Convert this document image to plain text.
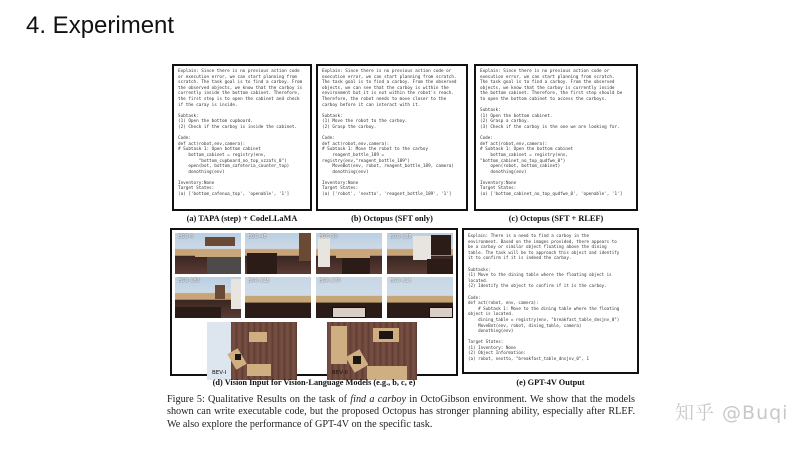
4. Experiment
Explain: Since there is no previous action code
or execution error, we can start planning from
scratch. The task goal is to find a carboy. From
the observed objects, we know that the carboy is
currently inside the bottom cabinet. Therefore,
the first step is to open the cabinet and check
if the caray is inside.
Subtask:
(1) Open the bottom cupboard.
(2) Check if the carboy is inside the cabinet.
Code:
def act(robot,env,camera):
# Subtask 1: Open bottom cabinet
bottom_cabinet = registry(env,
"bottom_cupboard_no_top_vzzafs_0")
open(bot, bottom_cafeteria_counter_top)
donothing(env)
Inventory:None
Target States:
(a) ['bottom_cafenua_top', 'openable', '1']
(a) TAPA (step) + CodeLLaMA
Explain: Since there is no previous action code or
execution error, we can start planning from scratch.
The task goal is to find a carboy. From the observed
objects, we can see that the carboy is within the
environment but it is not within the robot's reach.
Therefore, the robot needs to move closer to the
carboy before it can interact with it.
Subtask:
(1) Move the robot to the carboy.
(2) Grasp the carboy.
Code:
def act(robot,env,camera):
# Subtask 1: Move the robot to the carboy
reagent_bottle_189 =
registry(env,"reagent_bottle_189")
MoveBot(env, robot, reagent_bottle_189, camera)
donothing(env)
Inventory:None
Target States:
(a) ['robot', 'nextto', 'reagent_bottle_189', '1']
(b) Octopus (SFT only)
Explain: Since there is no previous action code or
execution error, we can start planning from scratch.
The task goal is to find a carboy. From the observed
objects, we know that the carboy is currently inside
the bottom cabinet. Therefore, the first step should be
to open the bottom cabinet to access the carboys.
Subtask:
(1) Open the bottom cabinet.
(2) Grasp a carboy.
(3) Check if the carboy is the one we are looking for.
Code:
def act(robot,env,camera):
# Subtask 1: Open the bottom cabinet
bottom_cabinet = registry(env,
"bottom_cabinet_no_top_qudfwe_0")
open(robot, bottom_cabinet)
donothing(env)
Inventory:None
Target States:
(a) ['bottom_cabinet_no_top_qudfwe_0', 'openable', '1']
(c) Octopus (SFT + RLEF)
EGO-0	EGO-45	EGO-90	EGO-135
EGO-180	EGO-225	EGO-270	EGO-315
BEV-I	BEV-II
(d) Vision Input for Vision-Language Models (e.g., b, c, e)
Explain: There is a need to find a carboy in the
environment. Based on the images provided, there appears to
be a carboy or similar object floating above the dining
table. The task will be to approach this object and identify
it to confirm if it is indeed the carboy.
Subtasks:
(1) Move to the dining table where the floating object is
located.
(2) Identify the object to confirm if it is the carboy.
Code:
def act(robot, env, camera):
# Subtask 1: Move to the dining table where the floating
object is located.
dining_table = registry(env, "breakfast_table_dnsjnv_0")
MoveBot(env, robot, dining_table, camera)
donothing(env)
Target States:
(1) Inventory: None
(2) Object Information:
(a) robot, nextto, "breakfast_table_dnsjnv_0", 1
(e) GPT-4V Output
Figure 5: Qualitative Results on the task of find a carboy in OctoGibson environment. We show that the models shown can write executable code, but the proposed Octopus has stronger planning ability, especially after RLEF. We also explore the performance of GPT-4V on the specific task.
知乎 @Buqi
